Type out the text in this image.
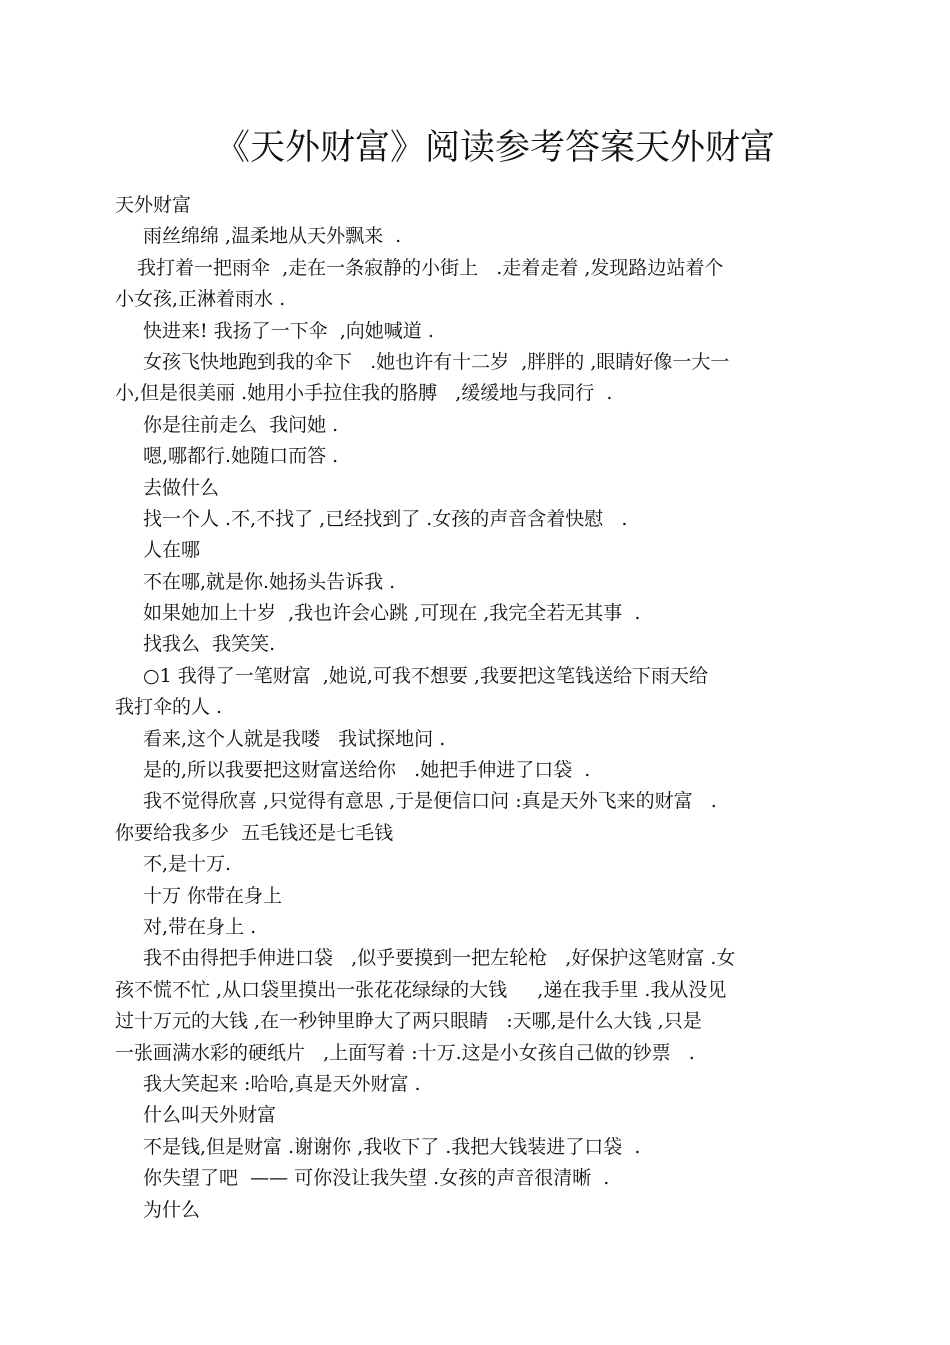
《天外财富》阅读参考答案天外财富
天外财富
雨丝绵绵 ,温柔地从天外飘来  .
我打着一把雨伞  ,走在一条寂静的小街上   .走着走着 ,发现路边站着个
小女孩,正淋着雨水 .
快进来! 我扬了一下伞  ,向她喊道 .
女孩飞快地跑到我的伞下   .她也许有十二岁  ,胖胖的 ,眼睛好像一大一
小,但是很美丽 .她用小手拉住我的胳膊   ,缓缓地与我同行  .
你是往前走么  我问她 .
嗯,哪都行.她随口而答 .
去做什么
找一个人 .不,不找了 ,已经找到了 .女孩的声音含着快慰   .
人在哪
不在哪,就是你.她扬头告诉我 .
如果她加上十岁  ,我也许会心跳 ,可现在 ,我完全若无其事  .
找我么  我笑笑.
○1 我得了一笔财富  ,她说,可我不想要 ,我要把这笔钱送给下雨天给
我打伞的人 .
看来,这个人就是我喽   我试探地问 .
是的,所以我要把这财富送给你   .她把手伸进了口袋  .
我不觉得欣喜 ,只觉得有意思 ,于是便信口问 :真是天外飞来的财富   .
你要给我多少  五毛钱还是七毛钱
不,是十万.
十万 你带在身上
对,带在身上 .
我不由得把手伸进口袋   ,似乎要摸到一把左轮枪   ,好保护这笔财富 .女
孩不慌不忙 ,从口袋里摸出一张花花绿绿的大钱     ,递在我手里 .我从没见
过十万元的大钱 ,在一秒钟里睁大了两只眼睛   :天哪,是什么大钱 ,只是
一张画满水彩的硬纸片   ,上面写着 :十万.这是小女孩自己做的钞票   .
我大笑起来 :哈哈,真是天外财富 .
什么叫天外财富
不是钱,但是财富 .谢谢你 ,我收下了 .我把大钱装进了口袋  .
你失望了吧  —— 可你没让我失望 .女孩的声音很清晰  .
为什么
